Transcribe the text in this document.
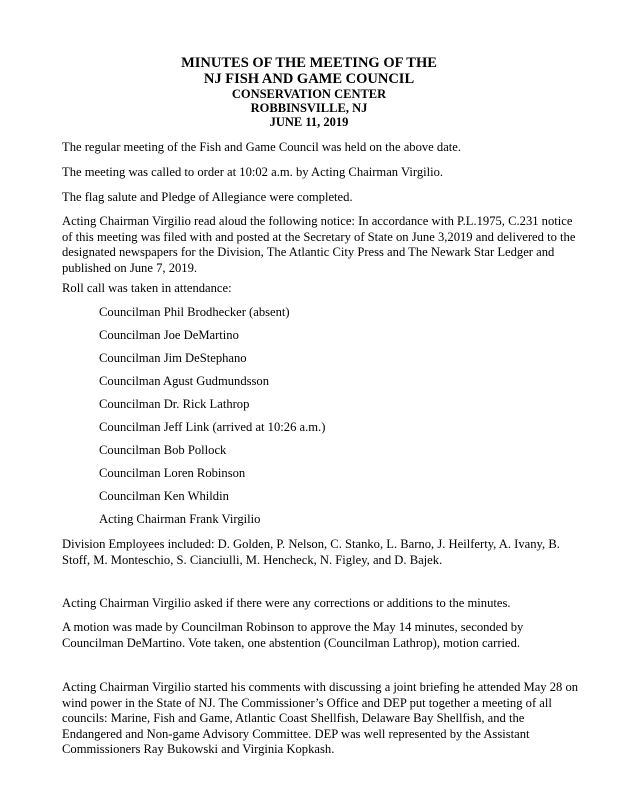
MINUTES OF THE MEETING OF THE
NJ FISH AND GAME COUNCIL
CONSERVATION CENTER
ROBBINSVILLE, NJ
JUNE 11, 2019
The regular meeting of the Fish and Game Council was held on the above date.
The meeting was called to order at 10:02 a.m. by Acting Chairman Virgilio.
The flag salute and Pledge of Allegiance were completed.
Acting Chairman Virgilio read aloud the following notice: In accordance with P.L.1975, C.231 notice of this meeting was filed with and posted at the Secretary of State on June 3,2019 and delivered to the designated newspapers for the Division, The Atlantic City Press and The Newark Star Ledger and published on June 7, 2019.
Roll call was taken in attendance:
Councilman Phil Brodhecker (absent)
Councilman Joe DeMartino
Councilman Jim DeStephano
Councilman Agust Gudmundsson
Councilman Dr. Rick Lathrop
Councilman Jeff Link (arrived at 10:26 a.m.)
Councilman Bob Pollock
Councilman Loren Robinson
Councilman Ken Whildin
Acting Chairman Frank Virgilio
Division Employees included: D. Golden, P. Nelson, C. Stanko, L. Barno, J. Heilferty, A. Ivany, B. Stoff, M. Monteschio, S. Cianciulli, M. Hencheck, N. Figley, and D. Bajek.
Acting Chairman Virgilio asked if there were any corrections or additions to the minutes.
A motion was made by Councilman Robinson to approve the May 14 minutes, seconded by Councilman DeMartino. Vote taken, one abstention (Councilman Lathrop), motion carried.
Acting Chairman Virgilio started his comments with discussing a joint briefing he attended May 28 on wind power in the State of NJ. The Commissioner’s Office and DEP put together a meeting of all councils: Marine, Fish and Game, Atlantic Coast Shellfish, Delaware Bay Shellfish, and the Endangered and Non-game Advisory Committee. DEP was well represented by the Assistant Commissioners Ray Bukowski and Virginia Kopkash.
